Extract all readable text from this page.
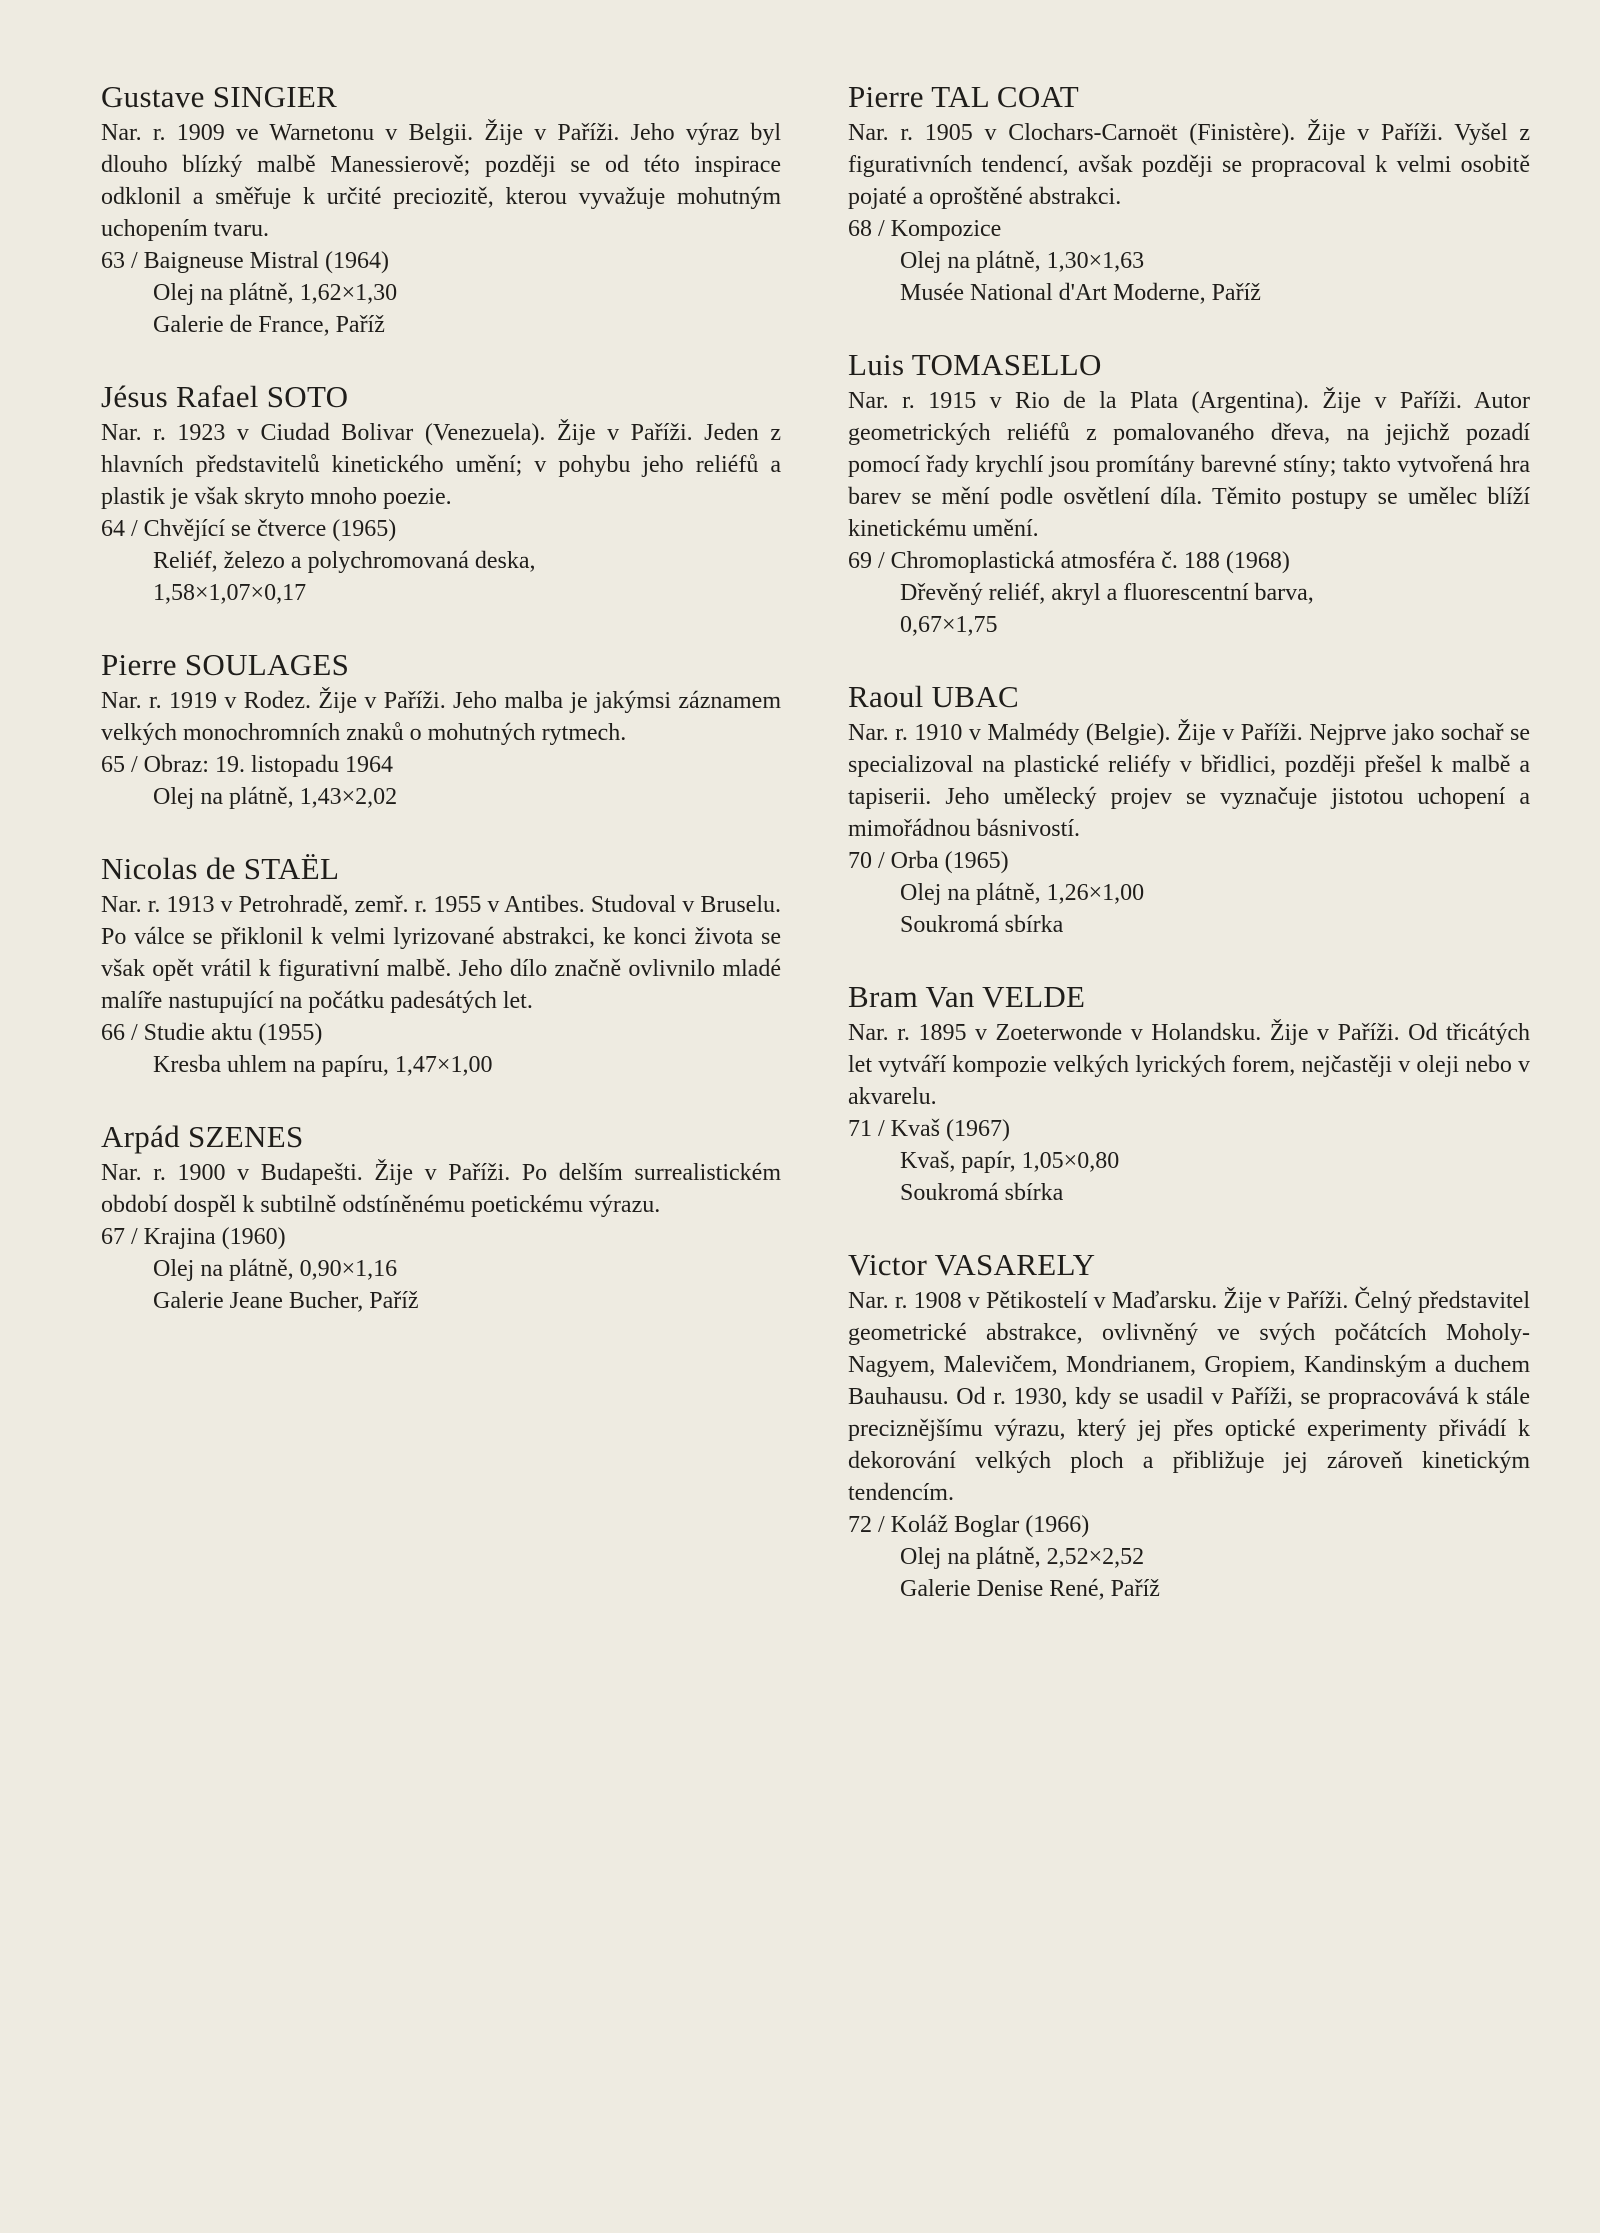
Gustave SINGIER

Nar. r. 1909 ve Warnetonu v Belgii. Žije v Paříži. Jeho výraz byl dlouho blízký malbě Manessierově; později se od této inspirace odklonil a směřuje k určité preciozitě, kterou vyvažuje mohutným uchopením tvaru.

63 / Baigneuse Mistral (1964)

Olej na plátně, 1,62×1,30

Galerie de France, Paříž

Jésus Rafael SOTO

Nar. r. 1923 v Ciudad Bolivar (Venezuela). Žije v Paříži. Jeden z hlavních představitelů kinetického umění; v pohybu jeho reliéfů a plastik je však skryto mnoho poezie.

64 / Chvějící se čtverce (1965)

Reliéf, železo a polychromovaná deska,

1,58×1,07×0,17

Pierre SOULAGES

Nar. r. 1919 v Rodez. Žije v Paříži. Jeho malba je jakýmsi záznamem velkých monochromních znaků o mohutných rytmech.

65 / Obraz: 19. listopadu 1964

Olej na plátně, 1,43×2,02

Nicolas de STAËL

Nar. r. 1913 v Petrohradě, zemř. r. 1955 v Antibes. Studoval v Bruselu. Po válce se přiklonil k velmi lyrizované abstrakci, ke konci života se však opět vrátil k figurativní malbě. Jeho dílo značně ovlivnilo mladé malíře nastupující na počátku padesátých let.

66 / Studie aktu (1955)

Kresba uhlem na papíru, 1,47×1,00

Arpád SZENES

Nar. r. 1900 v Budapešti. Žije v Paříži. Po delším surrealistickém období dospěl k subtilně odstíněnému poetickému výrazu.

67 / Krajina (1960)

Olej na plátně, 0,90×1,16

Galerie Jeane Bucher, Paříž

Pierre TAL COAT

Nar. r. 1905 v Clochars-Carnoët (Finistère). Žije v Paříži. Vyšel z figurativních tendencí, avšak později se propracoval k velmi osobitě pojaté a oproštěné abstrakci.

68 / Kompozice

Olej na plátně, 1,30×1,63

Musée National d'Art Moderne, Paříž

Luis TOMASELLO

Nar. r. 1915 v Rio de la Plata (Argentina). Žije v Paříži. Autor geometrických reliéfů z pomalovaného dřeva, na jejichž pozadí pomocí řady krychlí jsou promítány barevné stíny; takto vytvořená hra barev se mění podle osvětlení díla. Těmito postupy se umělec blíží kinetickému umění.

69 / Chromoplastická atmosféra č. 188 (1968)

Dřevěný reliéf, akryl a fluorescentní barva,

0,67×1,75

Raoul UBAC

Nar. r. 1910 v Malmédy (Belgie). Žije v Paříži. Nejprve jako sochař se specializoval na plastické reliéfy v břidlici, později přešel k malbě a tapiserii. Jeho umělecký projev se vyznačuje jistotou uchopení a mimořádnou básnivostí.

70 / Orba (1965)

Olej na plátně, 1,26×1,00

Soukromá sbírka

Bram Van VELDE

Nar. r. 1895 v Zoeterwonde v Holandsku. Žije v Paříži. Od třicátých let vytváří kompozie velkých lyrických forem, nejčastěji v oleji nebo v akvarelu.

71 / Kvaš (1967)

Kvaš, papír, 1,05×0,80

Soukromá sbírka

Victor VASARELY

Nar. r. 1908 v Pětikostelí v Maďarsku. Žije v Paříži. Čelný představitel geometrické abstrakce, ovlivněný ve svých počátcích Moholy-Nagyem, Malevičem, Mondrianem, Gropiem, Kandinským a duchem Bauhausu. Od r. 1930, kdy se usadil v Paříži, se propracovává k stále preciznějšímu výrazu, který jej přes optické experimenty přivádí k dekorování velkých ploch a přibližuje jej zároveň kinetickým tendencím.

72 / Koláž Boglar (1966)

Olej na plátně, 2,52×2,52

Galerie Denise René, Paříž
